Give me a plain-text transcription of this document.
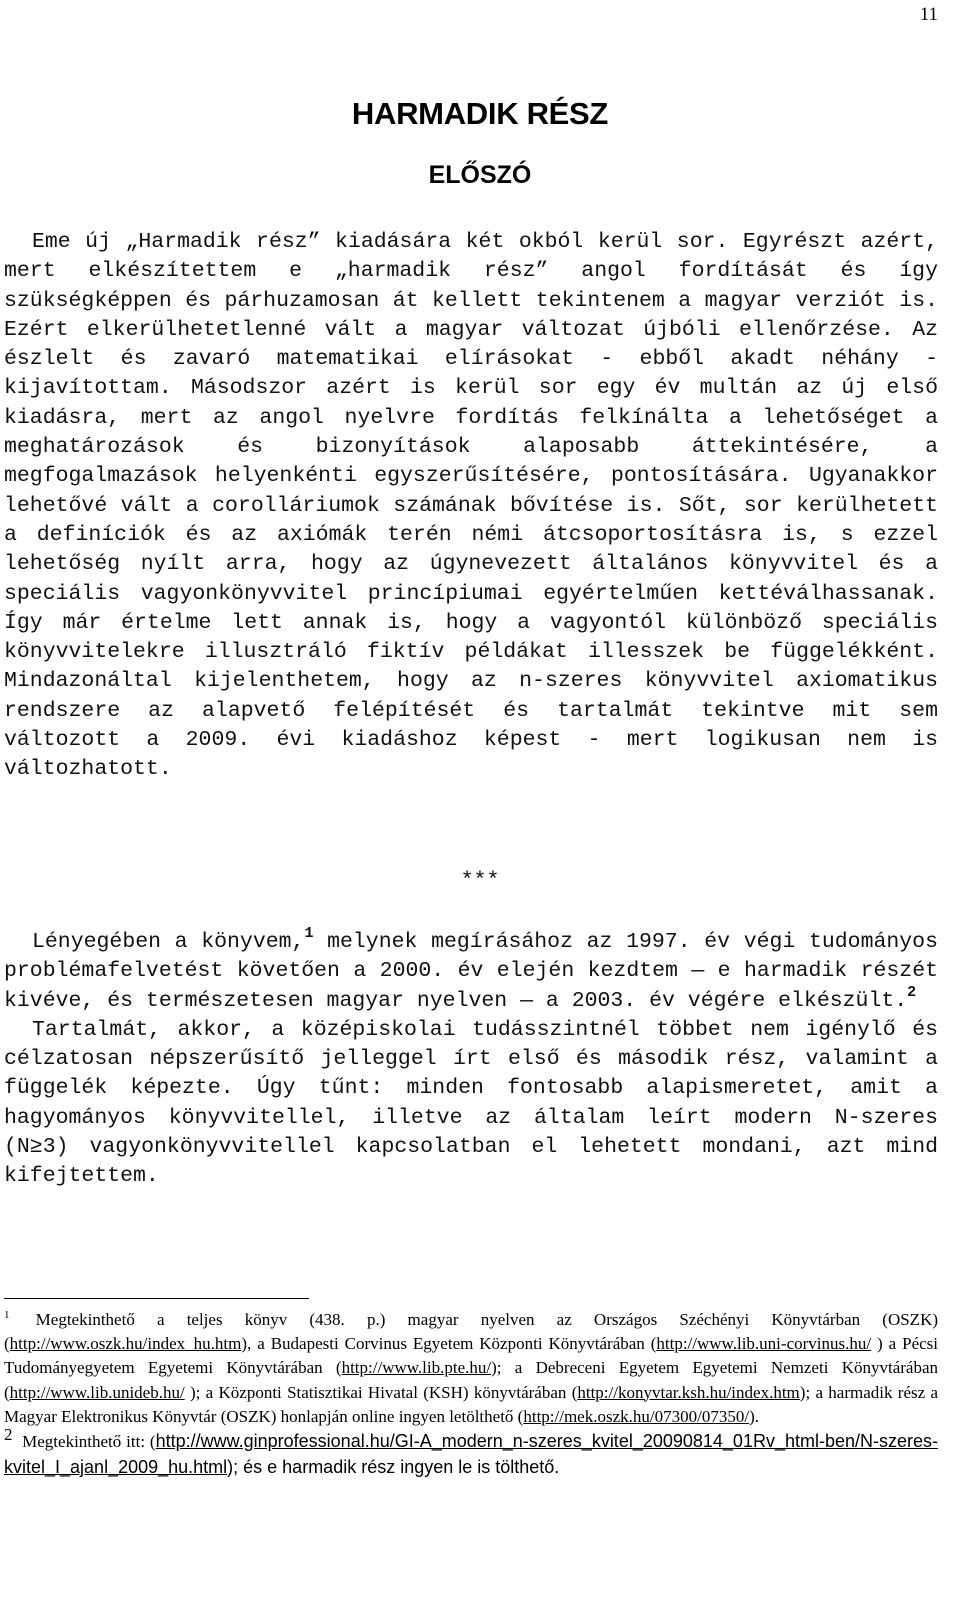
11
HARMADIK RÉSZ
ELŐSZÓ

Eme új „Harmadik rész” kiadására két okból kerül sor. Egyrészt azért, mert elkészítettem e „harmadik rész” angol fordítását és így szükségképpen és párhuzamosan át kellett tekintenem a magyar verziót is. Ezért elkerülhetetlenné vált a magyar változat újbóli ellenőrzése. Az észlelt és zavaró matematikai elírásokat - ebből akadt néhány - kijavítottam. Másodszor azért is kerül sor egy év multán az új első kiadásra, mert az angol nyelvre fordítás felkínálta a lehetőséget a meghatározások és bizonyítások alaposabb áttekintésére, a megfogalmazások helyenkénti egyszerűsítésére, pontosítására. Ugyanakkor lehetővé vált a corolláriumok számának bővítése is. Sőt, sor kerülhetett a definíciók és az axiómák terén némi átcsoportosításra is, s ezzel lehetőség nyílt arra, hogy az úgynevezett általános könyvvitel és a speciális vagyonkönyvvitel princípiumai egyértelműen kettéválhassanak. Így már értelme lett annak is, hogy a vagyontól különböző speciális könyvvitelekre illusztráló fiktív példákat illesszek be függelékként. Mindazonáltal kijelenthetem, hogy az n-szeres könyvvitel axiomatikus rendszere az alapvető felépítését és tartalmát tekintve mit sem változott a 2009. évi kiadáshoz képest - mert logikusan nem is változhatott.

***

Lényegében a könyvem,$^1$ melynek megírásához az 1997. év végi tudományos problémafelvetést követően a 2000. év elején kezdtem — e harmadik részét kivéve, és természetesen magyar nyelven — a 2003. év végére elkészült.$^2$

Tartalmát, akkor, a középiskolai tudásszintnél többet nem igénylő és célzatosan népszerűsítő jelleggel írt első és második rész, valamint a függelék képezte. Úgy tűnt: minden fontosabb alapismeretet, amit a hagyományos könyvvitellel, illetve az általam leírt modern N-szeres (N≥3) vagyonkönyvvitellel kapcsolatban el lehetett mondani, azt mind kifejtettem.

$^1$ Megtekinthető a teljes könyv (438. p.) magyar nyelven az Országos Széchényi Könyvtárban (OSZK) (http://www.oszk.hu/index_hu.htm), a Budapesti Corvinus Egyetem Központi Könyvtárában (http://www.lib.uni-corvinus.hu/ ) a Pécsi Tudományegyetem Egyetemi Könyvtárában (http://www.lib.pte.hu/); a Debreceni Egyetem Egyetemi Nemzeti Könyvtárában (http://www.lib.unideb.hu/ ); a Központi Statisztikai Hivatal (KSH) könyvtárában (http://konyvtar.ksh.hu/index.htm); a harmadik rész a Magyar Elektronikus Könyvtár (OSZK) honlapján online ingyen letölthető (http://mek.oszk.hu/07300/07350/).

2 Megtekinthető itt: (http://www.ginprofessional.hu/GI-A_modern_n-szeres_kvitel_20090814_01Rv_html-ben/N-szeres-kvitel_I_ajanl_2009_hu.html); és e harmadik rész ingyen le is tölthető.
